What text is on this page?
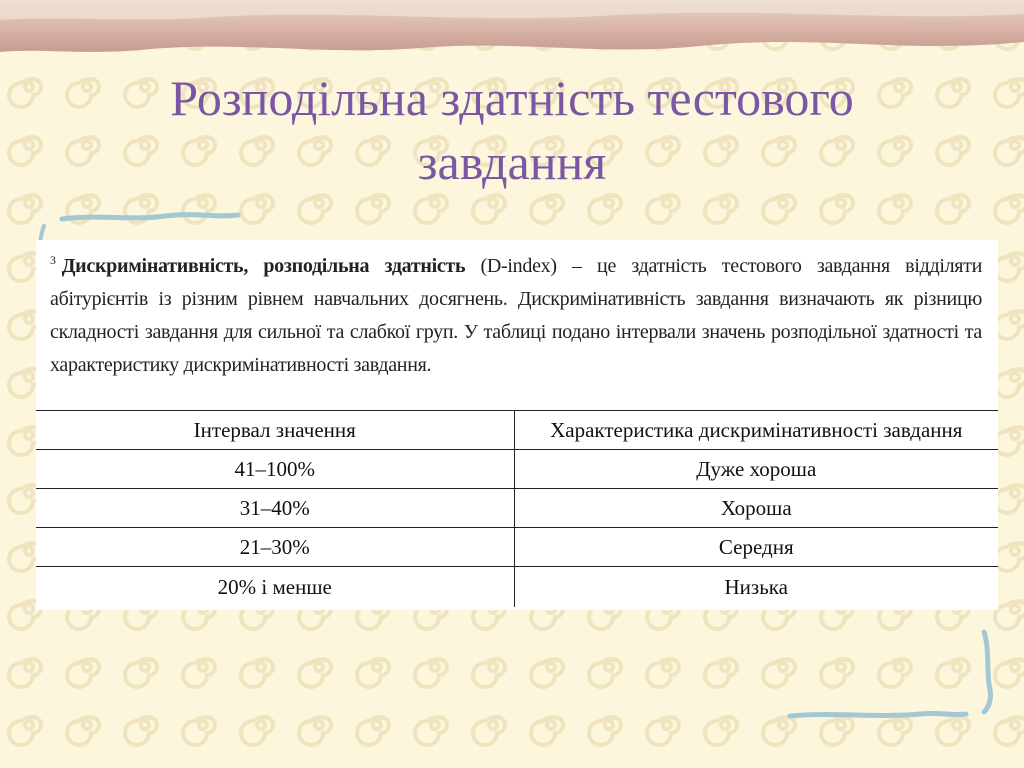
Розподільна здатність тестового
завдання
$^3$ Дискримінативність, розподільна здатність (D-index) – це здатність тестового завдання відділяти абітурієнтів із різним рівнем навчальних досягнень. Дискримінативність завдання визначають як різницю складності завдання для сильної та слабкої груп. У таблиці подано інтервали значень розподільної здатності та характеристику дискримінативності завдання.
Інтервал значення	Характеристика дискримінативності завдання
41–100%	Дуже хороша
31–40%	Хороша
21–30%	Середня
20% і менше	Низька
